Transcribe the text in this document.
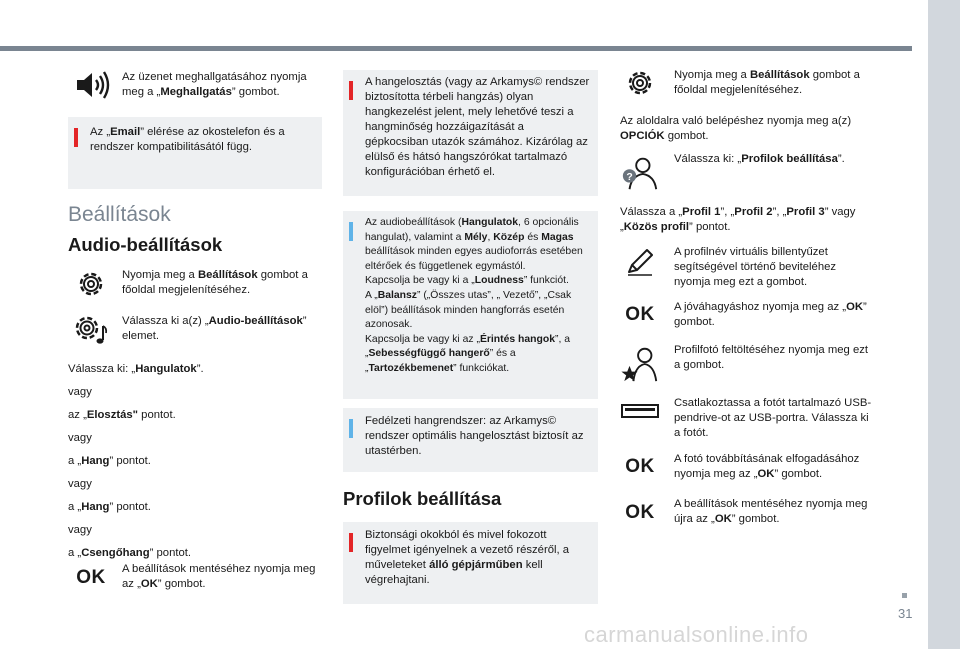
31
carmanualsonline.info
Az üzenet meghallgatásához nyomja meg a „Meghallgatás” gombot.
Az „Email” elérése az okostelefon és a rendszer kompatibilitásától függ.
Beállítások
Audio-beállítások
Nyomja meg a Beállítások gombot a főoldal megjelenítéséhez.
Válassza ki a(z) „Audio-beállítások” elemet.
Válassza ki: „Hangulatok”.
vagy
az „Elosztás" pontot.
vagy
a „Hang” pontot.
vagy
a „Hang” pontot.
vagy
a „Csengőhang” pontot.
OK	A beállítások mentéséhez nyomja meg az „OK” gombot.
A hangelosztás (vagy az Arkamys© rendszer biztosította térbeli hangzás) olyan hangkezelést jelent, mely lehetővé teszi a hangminőség hozzáigazítását a gépkocsiban utazók számához. Kizárólag az elülső és hátsó hangszórókat tartalmazó konfigurációban érhető el.
Az audiobeállítások (Hangulatok, 6 opcionális hangulat), valamint a Mély, Közép és Magas beállítások minden egyes audioforrás esetében eltérőek és függetlenek egymástól.
Kapcsolja be vagy ki a „Loudness” funkciót.
A „Balansz” („Összes utas”, „ Vezető”, „Csak elöl”) beállítások minden hangforrás esetén azonosak.
Kapcsolja be vagy ki az „Érintés hangok”, a „Sebességfüggő hangerő” és a „Tartozékbemenet” funkciókat.
Fedélzeti hangrendszer: az Arkamys© rendszer optimális hangelosztást biztosít az utastérben.
Profilok beállítása
Biztonsági okokból és mivel fokozott figyelmet igényelnek a vezető részéről, a műveleteket álló gépjárműben kell végrehajtani.
Nyomja meg a Beállítások gombot a főoldal megjelenítéséhez.
Az aloldalra való belépéshez nyomja meg a(z) OPCIÓK gombot.
?
Válassza ki: „Profilok beállítása”.
Válassza a „Profil 1”, „Profil 2”, „Profil 3” vagy „Közös profil” pontot.
A profilnév virtuális billentyűzet segítségével történő beviteléhez nyomja meg ezt a gombot.
OK	A jóváhagyáshoz nyomja meg az „OK” gombot.
Profilfotó feltöltéséhez nyomja meg ezt a gombot.
Csatlakoztassa a fotót tartalmazó USB-pendrive-ot az USB-portra. Válassza ki a fotót.
OK	A fotó továbbításának elfogadásához nyomja meg az „OK” gombot.
OK	A beállítások mentéséhez nyomja meg újra az „OK” gombot.
